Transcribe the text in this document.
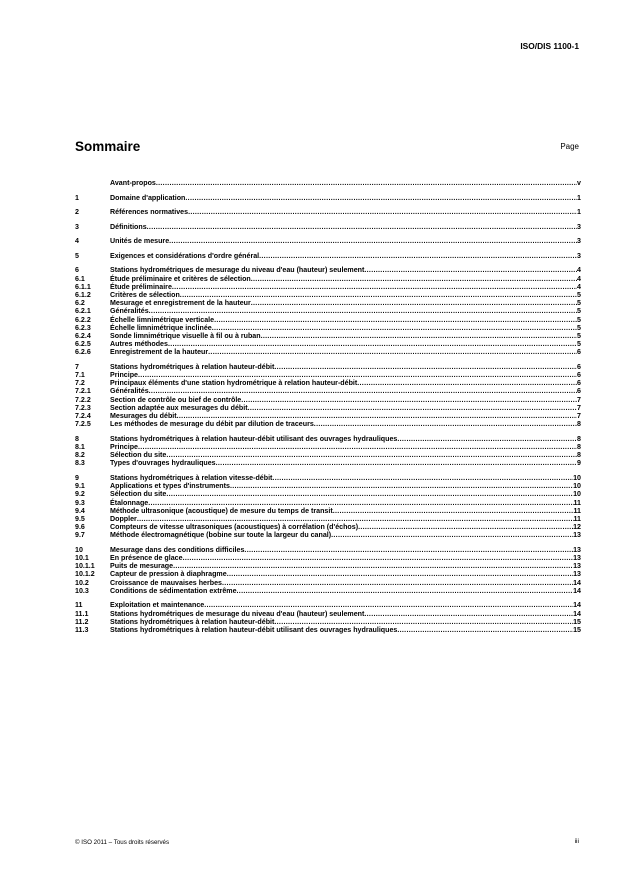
ISO/DIS 1100-1
Sommaire	Page
Avant-propos .....	v
1	Domaine d'application .....	1
2	Références normatives .....	1
3	Définitions .....	3
4	Unités de mesure .....	3
5	Exigences et considérations d'ordre général .....	3
6	Stations hydrométriques de mesurage du niveau d'eau (hauteur) seulement .....	4
6.1	Étude préliminaire et critères de sélection .....	4
6.1.1	Étude préliminaire .....	4
6.1.2	Critères de sélection .....	5
6.2	Mesurage et enregistrement de la hauteur .....	5
6.2.1	Généralités .....	5
6.2.2	Échelle limnimétrique verticale .....	5
6.2.3	Échelle limnimétrique inclinée .....	5
6.2.4	Sonde limnimétrique visuelle à fil ou à ruban .....	5
6.2.5	Autres méthodes .....	5
6.2.6	Enregistrement de la hauteur .....	6
7	Stations hydrométriques à relation hauteur-débit .....	6
7.1	Principe .....	6
7.2	Principaux éléments d'une station hydrométrique à relation hauteur-débit .....	6
7.2.1	Généralités .....	6
7.2.2	Section de contrôle ou bief de contrôle .....	7
7.2.3	Section adaptée aux mesurages du débit .....	7
7.2.4	Mesurages du débit .....	7
7.2.5	Les méthodes de mesurage du débit par dilution de traceurs .....	8
8	Stations hydrométriques à relation hauteur-débit utilisant des ouvrages hydrauliques .....	8
8.1	Principe .....	8
8.2	Sélection du site .....	8
8.3	Types d'ouvrages hydrauliques .....	9
9	Stations hydrométriques à relation vitesse-débit .....	10
9.1	Applications et types d'instruments .....	10
9.2	Sélection du site .....	10
9.3	Étalonnage .....	11
9.4	Méthode ultrasonique (acoustique) de mesure du temps de transit .....	11
9.5	Doppler .....	11
9.6	Compteurs de vitesse ultrasoniques (acoustiques) à corrélation (d'échos) .....	12
9.7	Méthode électromagnétique (bobine sur toute la largeur du canal) .....	13
10	Mesurage dans des conditions difficiles .....	13
10.1	En présence de glace .....	13
10.1.1	Puits de mesurage .....	13
10.1.2	Capteur de pression à diaphragme .....	13
10.2	Croissance de mauvaises herbes .....	14
10.3	Conditions de sédimentation extrême .....	14
11	Exploitation et maintenance .....	14
11.1	Stations hydrométriques de mesurage du niveau d'eau (hauteur) seulement .....	14
11.2	Stations hydrométriques à relation hauteur-débit .....	15
11.3	Stations hydrométriques à relation hauteur-débit utilisant des ouvrages hydrauliques .....	15
© ISO 2011 – Tous droits réservés	iii
